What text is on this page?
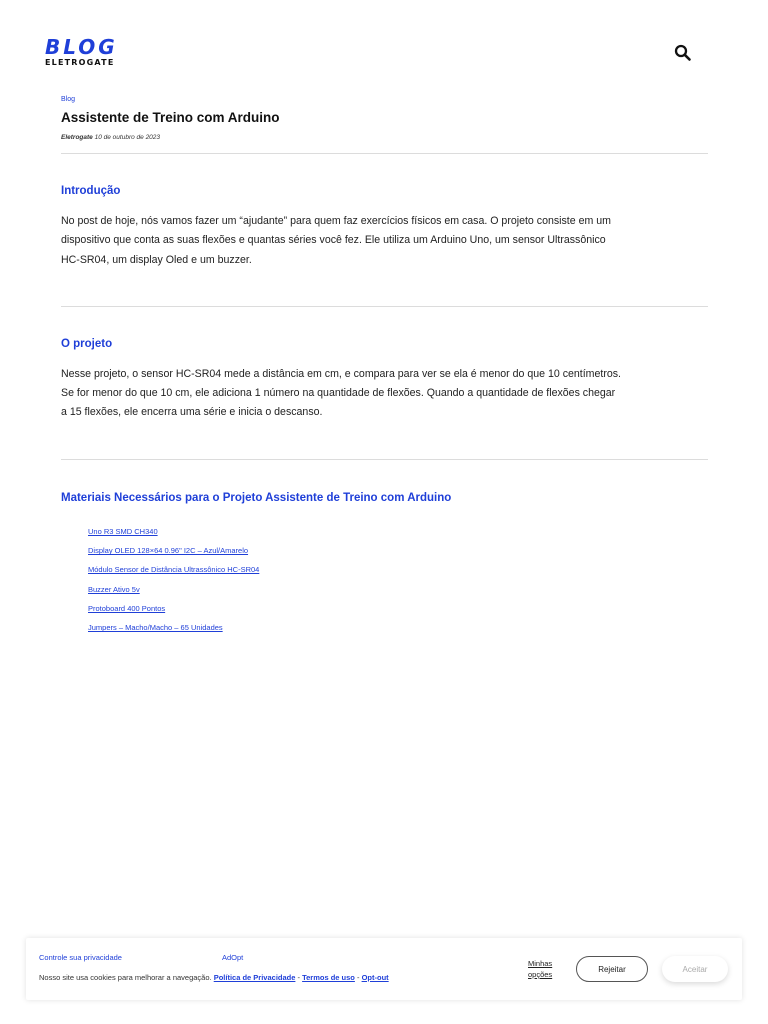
BLOG
ELETROGATE
Blog
Assistente de Treino com Arduino
Eletrogate 10 de outubro de 2023
Introdução

No post de hoje, nós vamos fazer um “ajudante” para quem faz exercícios físicos em casa. O projeto consiste em um

dispositivo que conta as suas flexões e quantas séries você fez. Ele utiliza um Arduino Uno, um sensor Ultrassônico

HC-SR04, um display Oled e um buzzer.

O projeto

Nesse projeto, o sensor HC-SR04 mede a distância em cm, e compara para ver se ela é menor do que 10 centímetros.

Se for menor do que 10 cm, ele adiciona 1 número na quantidade de flexões. Quando a quantidade de flexões chegar

a 15 flexões, ele encerra uma série e inicia o descanso.

Materiais Necessários para o Projeto Assistente de Treino com Arduino
Uno R3 SMD CH340
Display OLED 128×64 0.96" I2C – Azul/Amarelo
Módulo Sensor de Distância Ultrassônico HC-SR04
Buzzer Ativo 5v
Protoboard 400 Pontos
Jumpers – Macho/Macho – 65 Unidades
Controle sua privacidade	AdOpt
Nosso site usa cookies para melhorar a navegação. Política de Privacidade - Termos de uso - Opt-out
Minhas opções
Rejeitar	Aceitar
